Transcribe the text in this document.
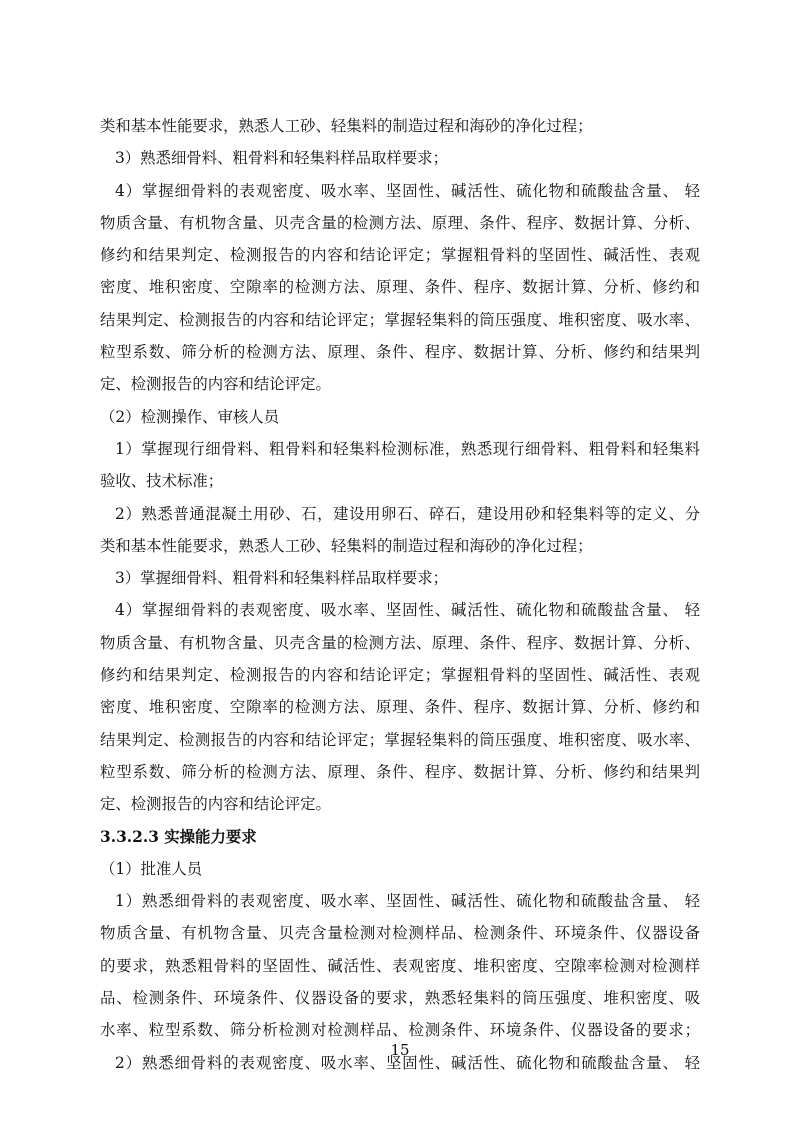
类和基本性能要求，熟悉人工砂、轻集料的制造过程和海砂的净化过程；
3）熟悉细骨料、粗骨料和轻集料样品取样要求；
4）掌握细骨料的表观密度、吸水率、坚固性、碱活性、硫化物和硫酸盐含量、 轻
物质含量、有机物含量、贝壳含量的检测方法、原理、条件、程序、数据计算、分析、
修约和结果判定、检测报告的内容和结论评定；掌握粗骨料的坚固性、碱活性、表观
密度、堆积密度、空隙率的检测方法、原理、条件、程序、数据计算、分析、修约和
结果判定、检测报告的内容和结论评定；掌握轻集料的筒压强度、堆积密度、吸水率、
粒型系数、筛分析的检测方法、原理、条件、程序、数据计算、分析、修约和结果判
定、检测报告的内容和结论评定。
（2）检测操作、审核人员
1）掌握现行细骨料、粗骨料和轻集料检测标准，熟悉现行细骨料、粗骨料和轻集料
验收、技术标准；
2）熟悉普通混凝土用砂、石，建设用卵石、碎石，建设用砂和轻集料等的定义、分
类和基本性能要求，熟悉人工砂、轻集料的制造过程和海砂的净化过程；
3）掌握细骨料、粗骨料和轻集料样品取样要求；
4）掌握细骨料的表观密度、吸水率、坚固性、碱活性、硫化物和硫酸盐含量、 轻
物质含量、有机物含量、贝壳含量的检测方法、原理、条件、程序、数据计算、分析、
修约和结果判定、检测报告的内容和结论评定；掌握粗骨料的坚固性、碱活性、表观
密度、堆积密度、空隙率的检测方法、原理、条件、程序、数据计算、分析、修约和
结果判定、检测报告的内容和结论评定；掌握轻集料的筒压强度、堆积密度、吸水率、
粒型系数、筛分析的检测方法、原理、条件、程序、数据计算、分析、修约和结果判
定、检测报告的内容和结论评定。
3.3.2.3 实操能力要求
（1）批准人员
1）熟悉细骨料的表观密度、吸水率、坚固性、碱活性、硫化物和硫酸盐含量、 轻
物质含量、有机物含量、贝壳含量检测对检测样品、检测条件、环境条件、仪器设备
的要求，熟悉粗骨料的坚固性、碱活性、表观密度、堆积密度、空隙率检测对检测样
品、检测条件、环境条件、仪器设备的要求，熟悉轻集料的筒压强度、堆积密度、吸
水率、粒型系数、筛分析检测对检测样品、检测条件、环境条件、仪器设备的要求；
2）熟悉细骨料的表观密度、吸水率、坚固性、碱活性、硫化物和硫酸盐含量、 轻
15
